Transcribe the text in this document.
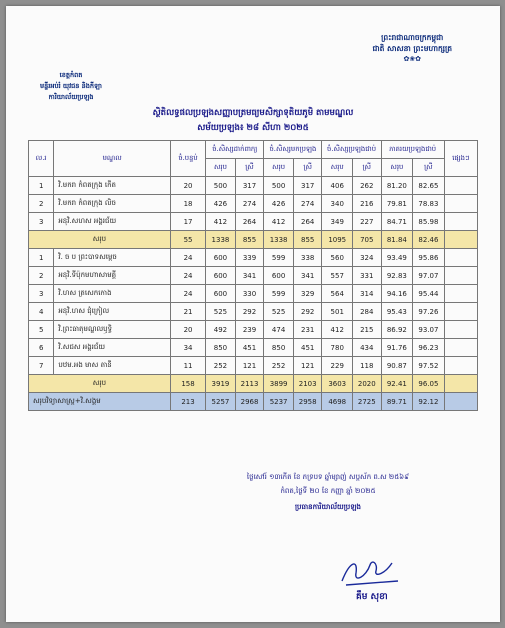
ព្រះរាជាណាចក្រកម្ពុជា
ជាតិ សាសនា ព្រះមហាក្សត្រ
✿❀✿
ខេត្តកំពត
មន្ទីរអប់រំ យុវជន និងកីឡា
ការិយាល័យប្រឡង
ស្ថិតិលទ្ធផលប្រឡងសញ្ញាបត្រមធ្យមសិក្សាទុតិយភូមិ តាមមណ្ឌល
សម័យប្រឡង៖ ២៨ សីហា ២០២៥
ល.រ	មណ្ឌល	ចំ.បន្ទប់	ចំ.សិស្សដាក់ពាក្យ		ចំ.សិស្សមកប្រឡង		ចំ.សិស្សប្រឡងជាប់		ភាគរយប្រឡងជាប់		ផ្សេងៗ
			សរុប	ស្រី	សរុប	ស្រី	សរុប	ស្រី	សរុប	ស្រី	
1	វិ.មករា កំពតក្រុង កើត	20	500	317	500	317	406	262	81.20	82.65	
2	វិ.មករា កំពតក្រុង លិច	18	426	274	426	274	340	216	79.81	78.83	
3	អនុវិ.សហស អង្គរជ័យ	17	412	264	412	264	349	227	84.71	85.98	
សរុប		55	1338	855	1338	855	1095	705	81.84	82.46	
1	វិ. ច ប ព្រះបាទសម្តេច	24	600	339	599	338	560	324	93.49	95.86	
2	អនុវិ.ទីប៉ុកមហាសាមគ្គី	24	600	341	600	341	557	331	92.83	97.07	
3	វិ.ហស ត្រសេកកោង	24	600	330	599	329	564	314	94.16	95.44	
4	អនុវិ.ហស ជុំក្រៀល	21	525	292	525	292	501	284	95.43	97.26	
5	វិ.ព្រះធាតុមណ្ឌលឫទ្ធិ	20	492	239	474	231	412	215	86.92	93.07	
6	វិ.សជស អង្គរជ័យ	34	850	451	850	451	780	434	91.76	96.23	
7	បឋម.អង មាស តានី	11	252	121	252	121	229	118	90.87	97.52	
សរុប		158	3919	2113	3899	2103	3603	2020	92.41	96.05	
សរុបវិទ្យាសាស្ត្រ+វិ.សង្គម		213	5257	2968	5237	2958	4698	2725	89.71	92.12	
ថ្ងៃសៅរ៍ ១៣កើត ខែ ភទ្របទ ឆ្នាំម្សាញ់ សប្តស័ក ព.ស ២៥៦៩
កំពត,ថ្ងៃទី ២០ ខែ កញ្ញា ឆ្នាំ ២០២៥
ប្រធានការិយាល័យប្រឡង
គឹម សុខា
